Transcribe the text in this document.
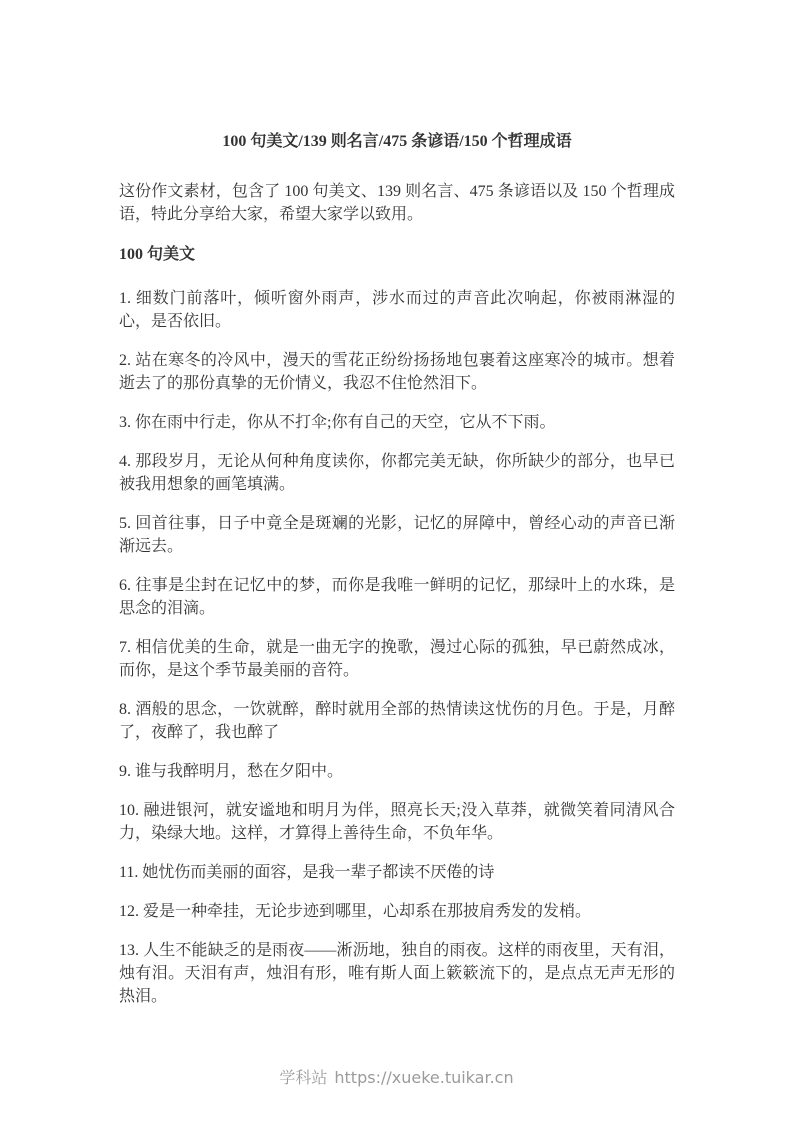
100 句美文/139 则名言/475 条谚语/150 个哲理成语

这份作文素材，包含了 100 句美文、139 则名言、475 条谚语以及 150 个哲理成语，特此分享给大家，希望大家学以致用。

100 句美文

1. 细数门前落叶，倾听窗外雨声，涉水而过的声音此次响起，你被雨淋湿的心，是否依旧。

2. 站在寒冬的冷风中，漫天的雪花正纷纷扬扬地包裹着这座寒冷的城市。想着逝去了的那份真挚的无价情义，我忍不住怆然泪下。

3. 你在雨中行走，你从不打伞;你有自己的天空，它从不下雨。

4. 那段岁月，无论从何种角度读你，你都完美无缺，你所缺少的部分，也早已被我用想象的画笔填满。

5. 回首往事，日子中竟全是斑斓的光影，记忆的屏障中，曾经心动的声音已渐渐远去。

6. 往事是尘封在记忆中的梦，而你是我唯一鲜明的记忆，那绿叶上的水珠，是思念的泪滴。

7. 相信优美的生命，就是一曲无字的挽歌，漫过心际的孤独，早已蔚然成冰，而你，是这个季节最美丽的音符。

8. 酒般的思念，一饮就醉，醉时就用全部的热情读这忧伤的月色。于是，月醉了，夜醉了，我也醉了

9. 谁与我醉明月，愁在夕阳中。

10. 融进银河，就安谧地和明月为伴，照亮长天;没入草莽，就微笑着同清风合力，染绿大地。这样，才算得上善待生命，不负年华。

11. 她忧伤而美丽的面容，是我一辈子都读不厌倦的诗

12. 爱是一种牵挂，无论步迹到哪里，心却系在那披肩秀发的发梢。

13. 人生不能缺乏的是雨夜——淅沥地，独自的雨夜。这样的雨夜里，天有泪，烛有泪。天泪有声，烛泪有形，唯有斯人面上簌簌流下的，是点点无声无形的热泪。

学科站 https://xueke.tuikar.cn
